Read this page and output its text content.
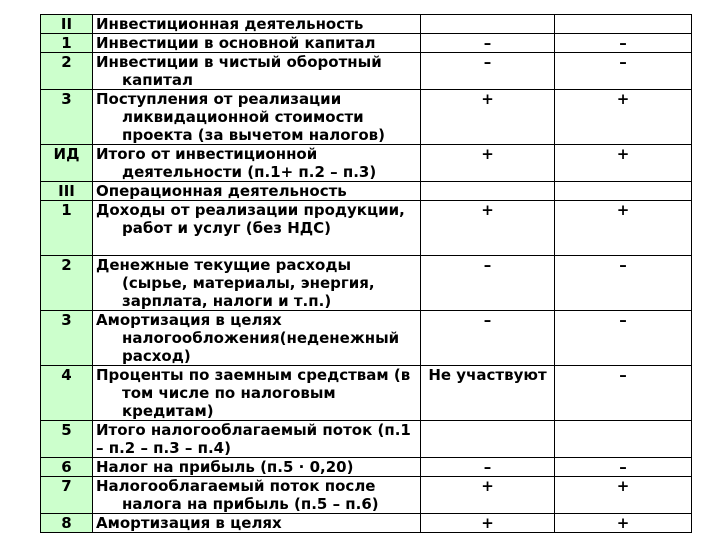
II	Инвестиционная деятельность		

1	Инвестиции в основной капитал	–	–

2	Инвестиции в чистый оборотный капитал	–	–

3	Поступления от реализации ликвидационной стоимости проекта (за вычетом налогов)	+	+

ИД	Итого от инвестиционной деятельности (п.1+ п.2 – п.3)	+	+

III	Операционная деятельность		

1	Доходы от реализации продукции, работ и услуг (без НДС)	+	+

2	Денежные текущие расходы (сырье, материалы, энергия, зарплата, налоги и т.п.)	–	–

3	Амортизация в целях налогообложения(неденежный расход)	–	–

4	Проценты по заемным средствам (в том числе по налоговым кредитам)	Не участвуют	–

5	Итого налогооблагаемый поток (п.1 – п.2 – п.3 – п.4)		

6	Налог на прибыль (п.5 · 0,20)	–	–

7	Налогооблагаемый поток после налога на прибыль (п.5 – п.6)	+	+

8	Амортизация в целях	+	+
